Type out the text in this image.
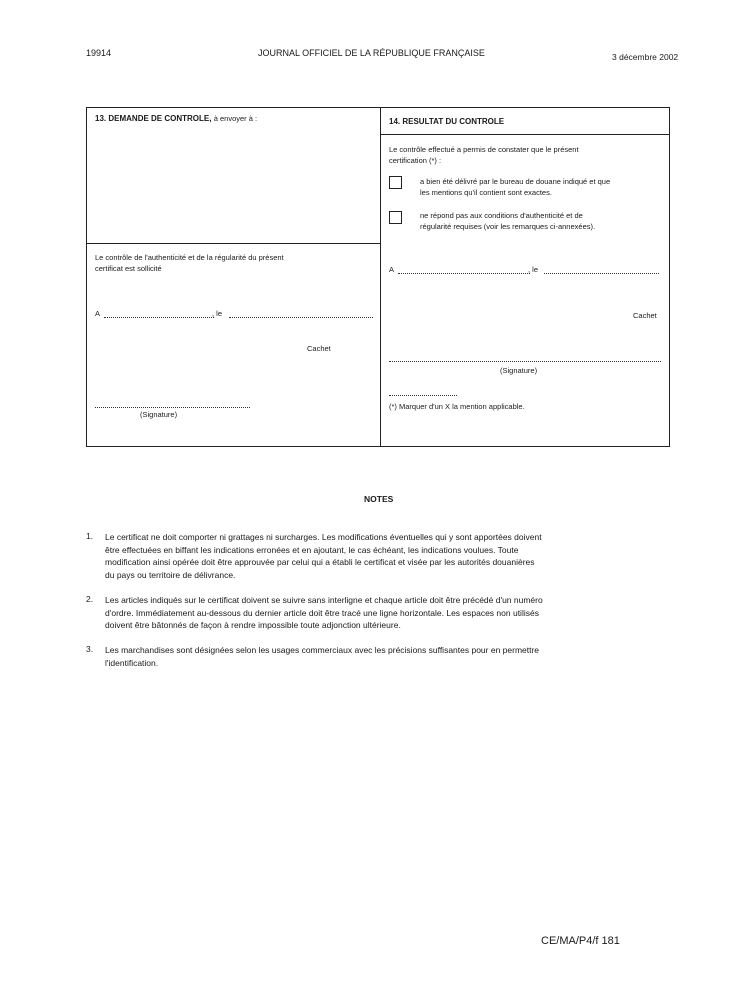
19914	JOURNAL OFFICIEL DE LA RÉPUBLIQUE FRANÇAISE	3 décembre 2002
13. DEMANDE DE CONTROLE, à envoyer à :
Le contrôle de l'authenticité et de la régularité du présent
certificat est sollicité
A	, le
Cachet
(Signature)
14. RESULTAT DU CONTROLE
Le contrôle effectué a permis de constater que le présent
certification (*) :
a bien été délivré par le bureau de douane indiqué et que
les mentions qu'il contient sont exactes.
ne répond pas aux conditions d'authenticité et de
régularité requises (voir les remarques ci-annexées).
A	, le
Cachet
(Signature)
(*) Marquer d'un X la mention applicable.
NOTES
1. Le certificat ne doit comporter ni grattages ni surcharges. Les modifications éventuelles qui y sont apportées doivent
être effectuées en biffant les indications erronées et en ajoutant, le cas échéant, les indications voulues. Toute
modification ainsi opérée doit être approuvée par celui qui a établi le certificat et visée par les autorités douanières
du pays ou territoire de délivrance.
2. Les articles indiqués sur le certificat doivent se suivre sans interligne et chaque article doit être précédé d'un numéro
d'ordre. Immédiatement au-dessous du dernier article doit être tracé une ligne horizontale. Les espaces non utilisés
doivent être bâtonnés de façon à rendre impossible toute adjonction ultérieure.
3. Les marchandises sont désignées selon les usages commerciaux avec les précisions suffisantes pour en permettre
l'identification.
CE/MA/P4/f 181
